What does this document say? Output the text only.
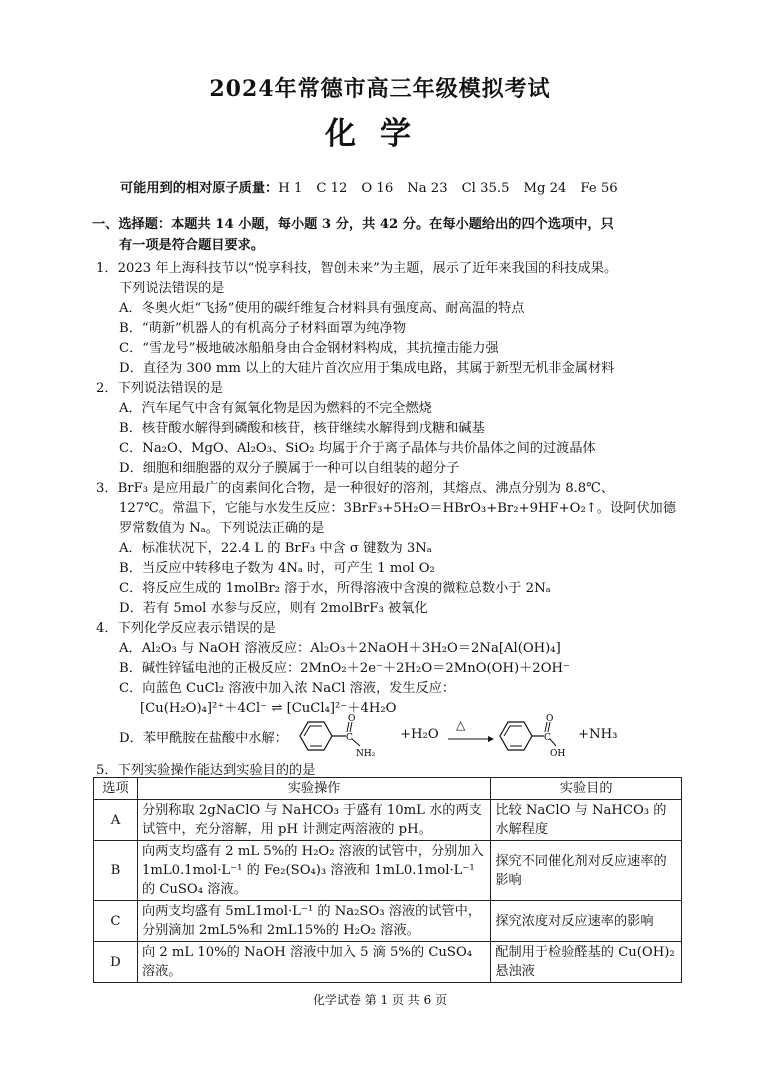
2024年常德市高三年级模拟考试
化学
可能用到的相对原子质量：H 1 C 12 O 16 Na 23 Cl 35.5 Mg 24 Fe 56
一、选择题：本题共 14 小题，每小题 3 分，共 42 分。在每小题给出的四个选项中，只
有一项是符合题目要求。
1．2023 年上海科技节以“悦享科技，智创未来”为主题，展示了近年来我国的科技成果。
下列说法错误的是
A．冬奥火炬“飞扬”使用的碳纤维复合材料具有强度高、耐高温的特点
B．“萌新”机器人的有机高分子材料面罩为纯净物
C．“雪龙号”极地破冰船船身由合金钢材料构成，其抗撞击能力强
D．直径为 300 mm 以上的大硅片首次应用于集成电路，其属于新型无机非金属材料
2．下列说法错误的是
A．汽车尾气中含有氮氧化物是因为燃料的不完全燃烧
B．核苷酸水解得到磷酸和核苷，核苷继续水解得到戊糖和碱基
C．Na₂O、MgO、Al₂O₃、SiO₂ 均属于介于离子晶体与共价晶体之间的过渡晶体
D．细胞和细胞器的双分子膜属于一种可以自组装的超分子
3．BrF₃ 是应用最广的卤素间化合物，是一种很好的溶剂，其熔点、沸点分别为 8.8℃、
127℃。常温下，它能与水发生反应：3BrF₃+5H₂O＝HBrO₃+Br₂+9HF+O₂↑。设阿伏加德
罗常数值为 Nₐ。下列说法正确的是
A．标准状况下，22.4 L 的 BrF₃ 中含 σ 键数为 3Nₐ
B．当反应中转移电子数为 4Nₐ 时，可产生 1 mol O₂
C．将反应生成的 1molBr₂ 溶于水，所得溶液中含溴的微粒总数小于 2Nₐ
D．若有 5mol 水参与反应，则有 2molBrF₃ 被氧化
4．下列化学反应表示错误的是
A．Al₂O₃ 与 NaOH 溶液反应：Al₂O₃＋2NaOH＋3H₂O＝2Na[Al(OH)₄]
B．碱性锌锰电池的正极反应：2MnO₂＋2e⁻＋2H₂O＝2MnO(OH)＋2OH⁻
C．向蓝色 CuCl₂ 溶液中加入浓 NaCl 溶液，发生反应：
[Cu(H₂O)₄]²⁺＋4Cl⁻ ⇌ [CuCl₄]²⁻＋4H₂O
D．苯甲酰胺在盐酸中水解：	C
O
NH₂
+H₂O
△
C
O
OH
+NH₃
5．下列实验操作能达到实验目的的是
选项	实验操作	实验目的
A	分别称取 2gNaClO 与 NaHCO₃ 于盛有 10mL 水的两支试管中，充分溶解，用 pH 计测定两溶液的 pH。	比较 NaClO 与 NaHCO₃ 的水解程度
B	向两支均盛有 2 mL 5%的 H₂O₂ 溶液的试管中，分别加入 1mL0.1mol·L⁻¹ 的 Fe₂(SO₄)₃ 溶液和 1mL0.1mol·L⁻¹ 的 CuSO₄ 溶液。	探究不同催化剂对反应速率的影响
C	向两支均盛有 5mL1mol·L⁻¹ 的 Na₂SO₃ 溶液的试管中，分别滴加 2mL5%和 2mL15%的 H₂O₂ 溶液。	探究浓度对反应速率的影响
D	向 2 mL 10%的 NaOH 溶液中加入 5 滴 5%的 CuSO₄ 溶液。	配制用于检验醛基的 Cu(OH)₂ 悬浊液
化学试卷 第 1 页 共 6 页
